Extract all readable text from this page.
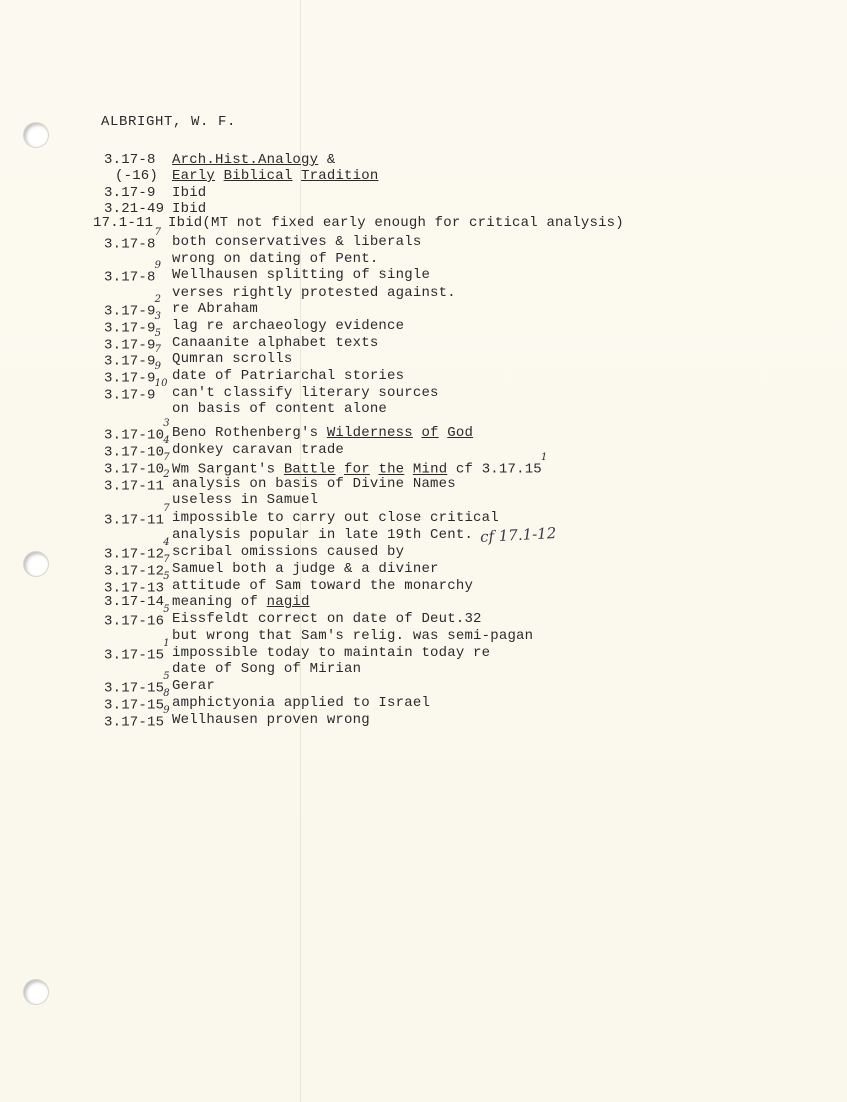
ALBRIGHT, W. F.
3.17-8 Arch.Hist.Analogy &
(-16) Early Biblical Tradition
3.17-9 Ibid
3.21-49 Ibid
17.1-11 Ibid(MT not fixed early enough for critical analysis)
$3.17-8^7$
both conservatives & liberals
wrong on dating of Pent.
$3.17-8^9$
Wellhausen splitting of single
verses rightly protested against.
$3.17-9^2$
re Abraham
$3.17-9^3$
lag re archaeology evidence
$3.17-9^5$
Canaanite alphabet texts
$3.17-9^7$
Qumran scrolls
$3.17-9^9$
date of Patriarchal stories
$3.17-9^{10}$
can't classify literary sources
on basis of content alone
$3.17-10^3$
Beno Rothenberg's Wilderness of God
$3.17-10^4$
donkey caravan trade
$3.17-10^7$
Wm Sargant's Battle for the Mind cf 3.17.15$^1$
$3.17-11^2$
analysis on basis of Divine Names
useless in Samuel
$3.17-11^7$
impossible to carry out close critical
analysis popular in late 19th Cent.
$3.17-12^4$
scribal omissions caused by
$3.17-12^7$
Samuel both a judge & a diviner
$3.17-13^5$
attitude of Sam toward the monarchy
3.17-14 meaning of nagid
$3.17-16^5$
Eissfeldt correct on date of Deut.32
but wrong that Sam's relig. was semi-pagan
$3.17-15^1$
impossible today to maintain today re
date of Song of Mirian
$3.17-15^5$
Gerar
$3.17-15^8$
amphictyonia applied to Israel
$3.17-15^9$
Wellhausen proven wrong
cf 17.1-12
